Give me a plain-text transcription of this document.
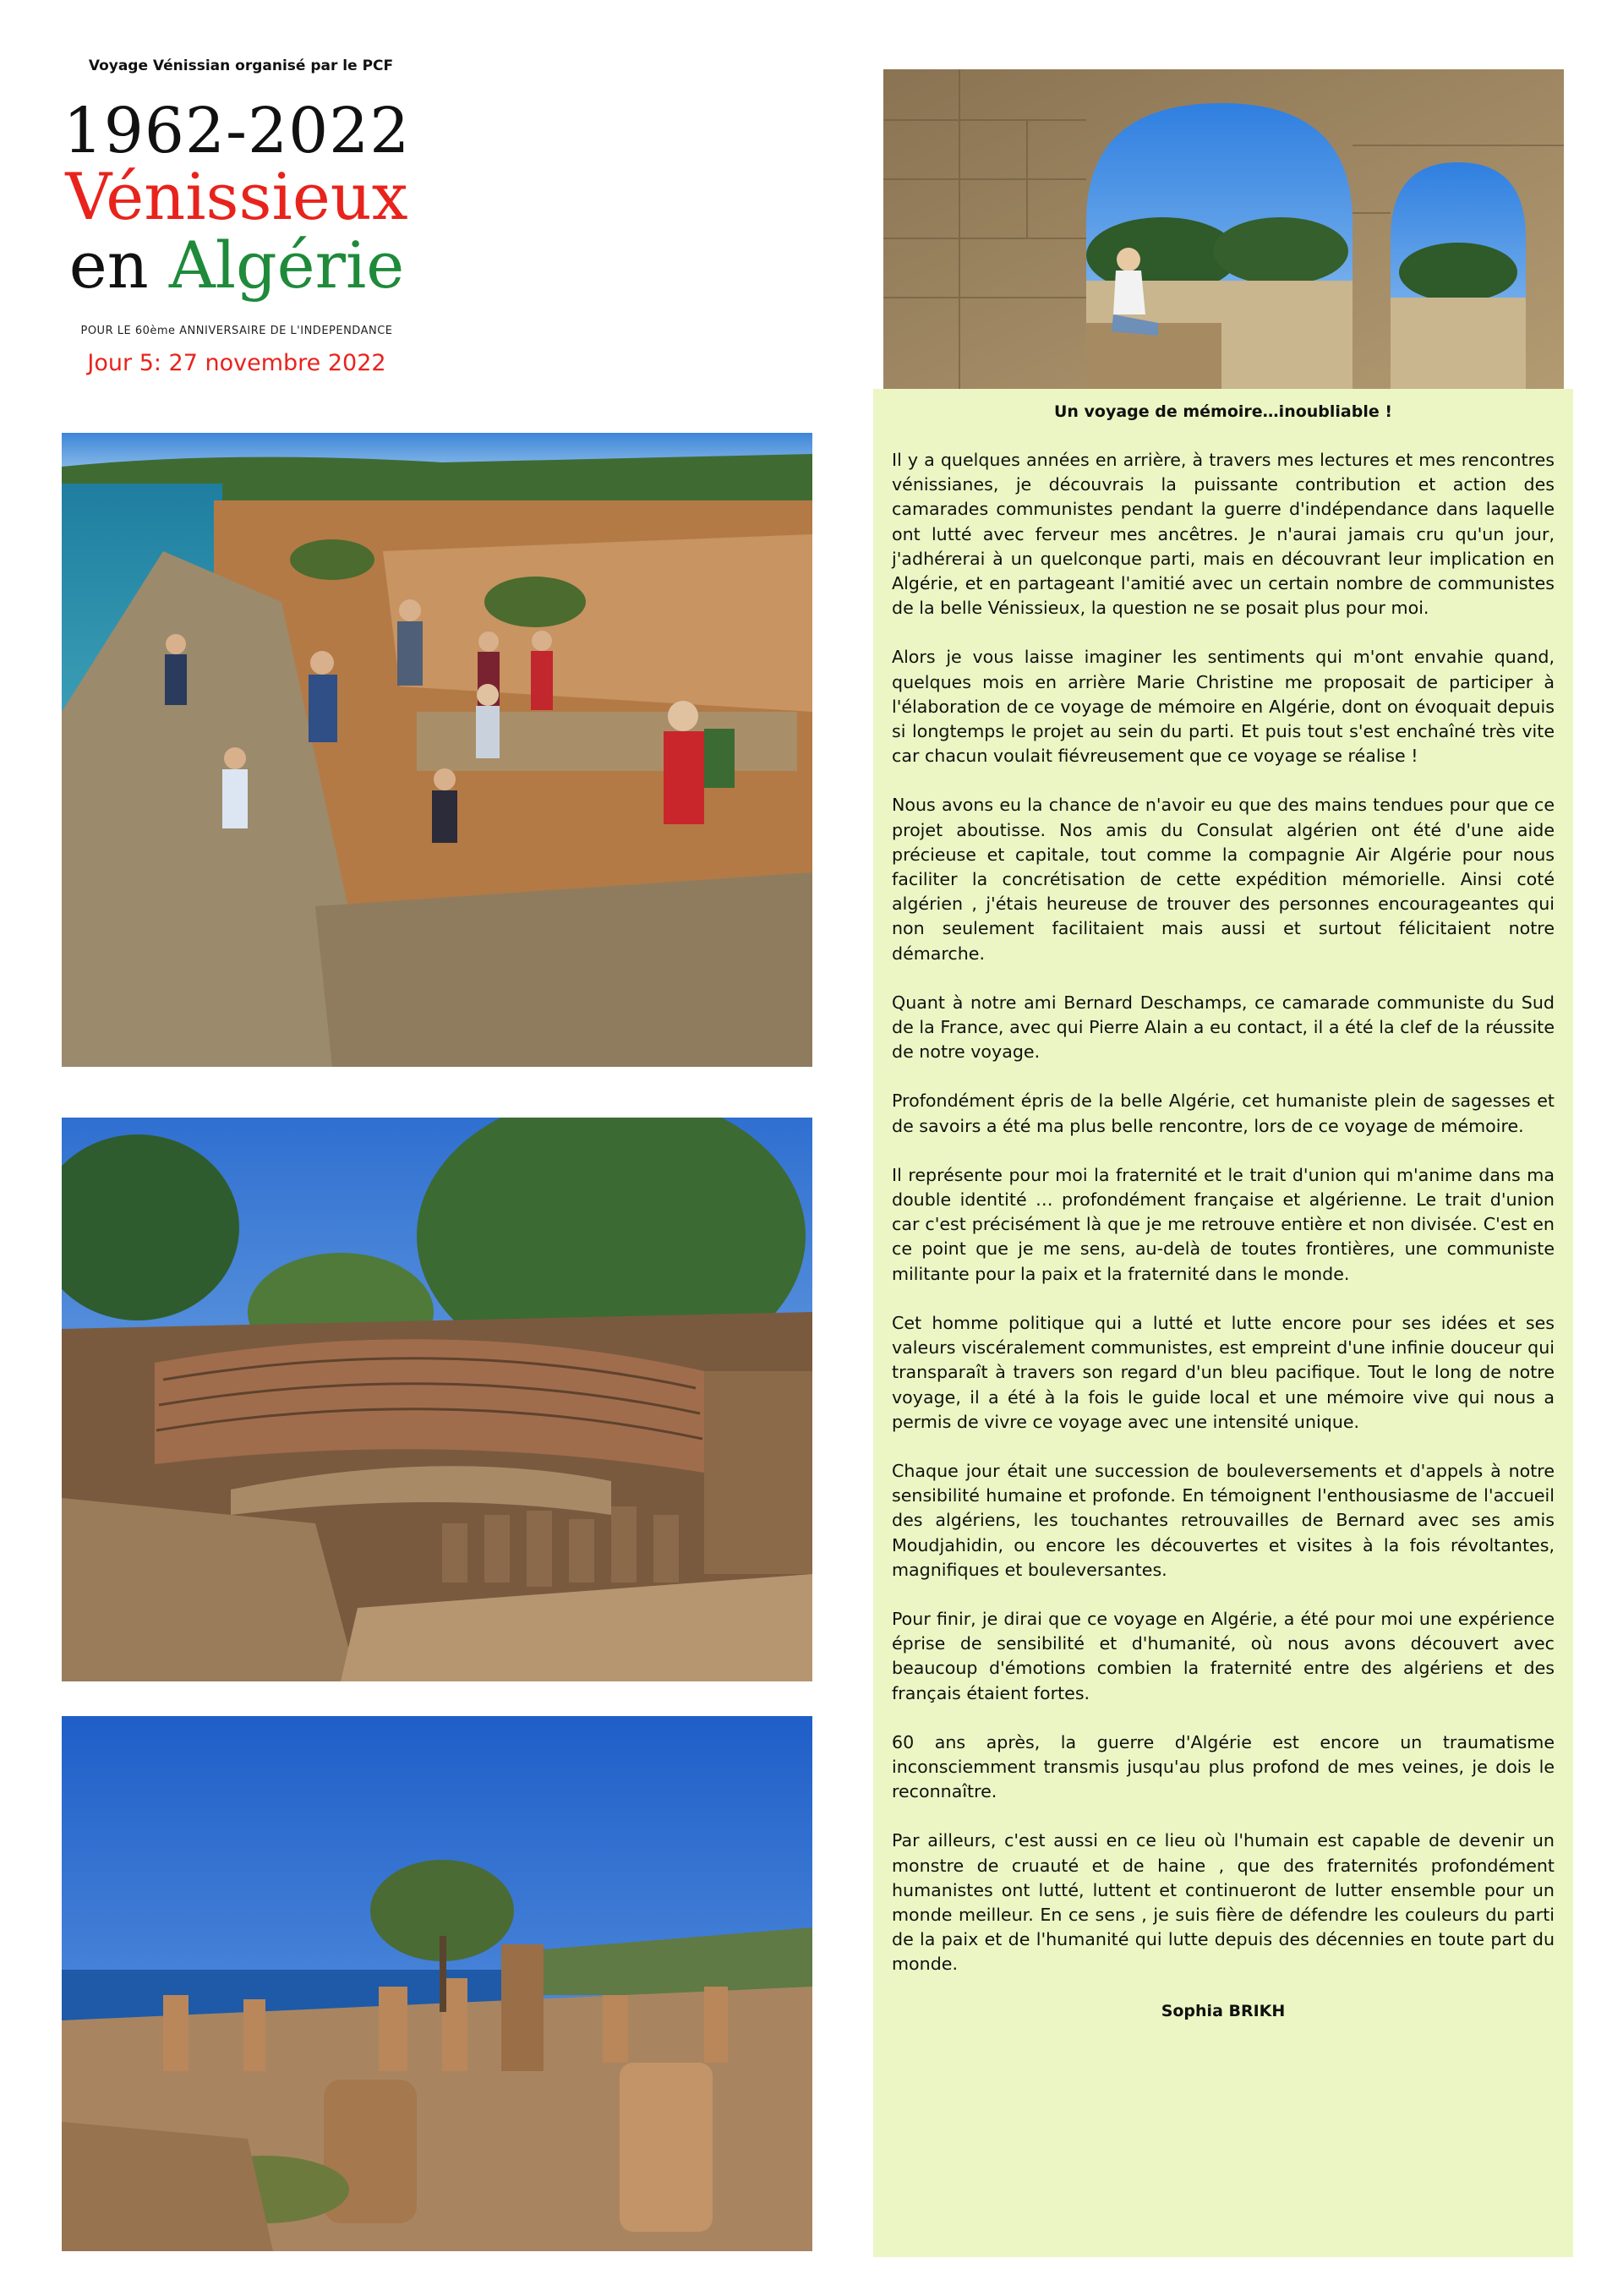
Voyage Vénissian organisé par le PCF
1962-2022
Vénissieux
en Algérie
POUR LE 60ème ANNIVERSAIRE DE L'INDEPENDANCE
Jour 5: 27 novembre 2022
Un voyage de mémoire…inoubliable !

Il y a quelques années en arrière, à travers mes lectures et mes rencontres vénissianes, je découvrais la puissante contribution et action des camarades communistes pendant la guerre d'indépendance dans laquelle ont lutté avec ferveur mes ancêtres. Je n'aurai jamais cru qu'un jour, j'adhérerai à un quelconque parti, mais en découvrant leur implication en Algérie, et en partageant l'amitié avec un certain nombre de communistes de la belle Vénissieux, la question ne se posait plus pour moi.

Alors je vous laisse imaginer les sentiments qui m'ont envahie quand, quelques mois en arrière Marie Christine me proposait de participer à l'élaboration de ce voyage de mémoire en Algérie, dont on évoquait depuis si longtemps le projet au sein du parti. Et puis tout s'est enchaîné très vite car chacun voulait fiévreusement que ce voyage se réalise !

Nous avons eu la chance de n'avoir eu que des mains tendues pour que ce projet aboutisse. Nos amis du Consulat algérien ont été d'une aide précieuse et capitale, tout comme la compagnie Air Algérie pour nous faciliter la concrétisation de cette expédition mémorielle. Ainsi coté algérien , j'étais heureuse de trouver des personnes encourageantes qui non seulement facilitaient mais aussi et surtout félicitaient notre démarche.

Quant à notre ami Bernard Deschamps, ce camarade communiste du Sud de la France, avec qui Pierre Alain a eu contact, il a été la clef de la réussite de notre voyage.

Profondément épris de la belle Algérie, cet humaniste plein de sagesses et de savoirs a été ma plus belle rencontre, lors de ce voyage de mémoire.

Il représente pour moi la fraternité et le trait d'union qui m'anime dans ma double identité … profondément française et algérienne. Le trait d'union car c'est précisément là que je me retrouve entière et non divisée. C'est en ce point que je me sens, au-delà de toutes frontières, une communiste militante pour la paix et la fraternité dans le monde.

Cet homme politique qui a lutté et lutte encore pour ses idées et ses valeurs viscéralement communistes, est empreint d'une infinie douceur qui transparaît à travers son regard d'un bleu pacifique. Tout le long de notre voyage, il a été à la fois le guide local et une mémoire vive qui nous a permis de vivre ce voyage avec une intensité unique.

Chaque jour était une succession de bouleversements et d'appels à notre sensibilité humaine et profonde. En témoignent l'enthousiasme de l'accueil des algériens, les touchantes retrouvailles de Bernard avec ses amis Moudjahidin, ou encore les découvertes et visites à la fois révoltantes, magnifiques et bouleversantes.

Pour finir, je dirai que ce voyage en Algérie, a été pour moi une expérience éprise de sensibilité et d'humanité, où nous avons découvert avec beaucoup d'émotions combien la fraternité entre des algériens et des français étaient fortes.

60 ans après, la guerre d'Algérie est encore un traumatisme inconsciemment transmis jusqu'au plus profond de mes veines, je dois le reconnaître.

Par ailleurs, c'est aussi en ce lieu où l'humain est capable de devenir un monstre de cruauté et de haine , que des fraternités profondément humanistes ont lutté, luttent et continueront de lutter ensemble pour un monde meilleur. En ce sens , je suis fière de défendre les couleurs du parti de la paix et de l'humanité qui lutte depuis des décennies en toute part du monde.

Sophia BRIKH
